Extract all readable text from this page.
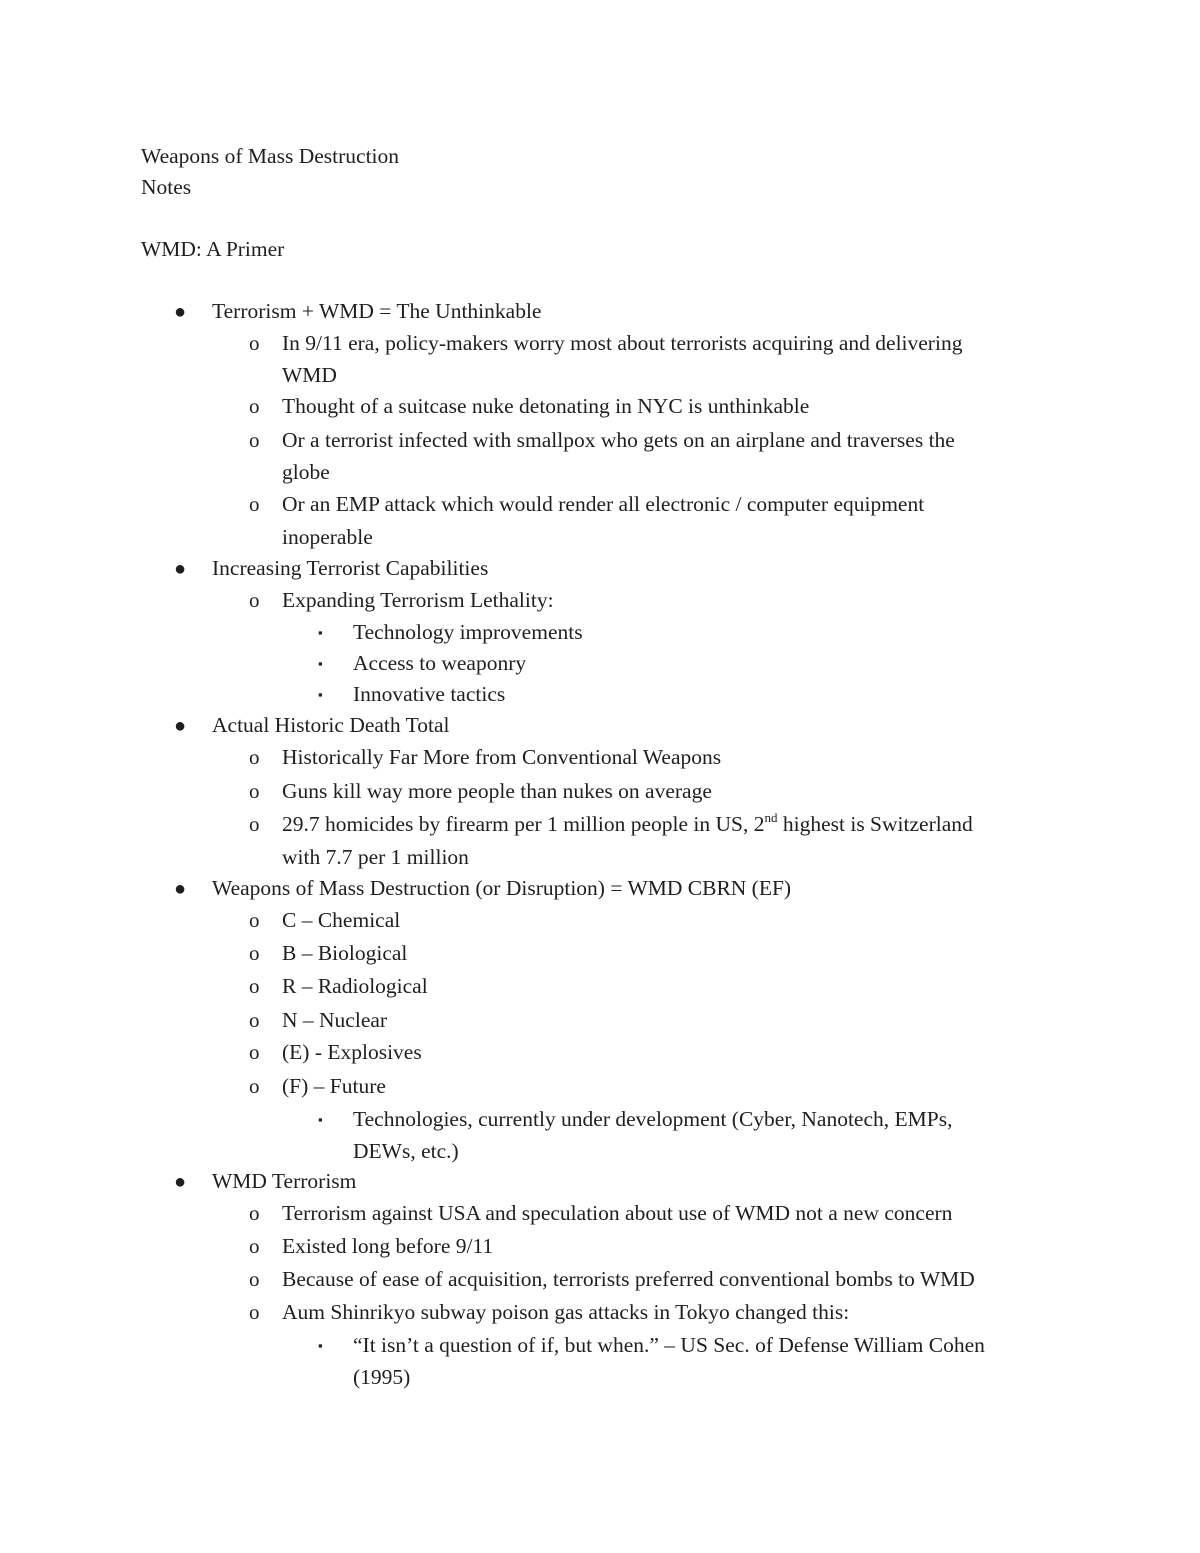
Weapons of Mass Destruction
Notes
WMD: A Primer
● Terrorism + WMD = The Unthinkable
o In 9/11 era, policy-makers worry most about terrorists acquiring and delivering
WMD
o Thought of a suitcase nuke detonating in NYC is unthinkable
o Or a terrorist infected with smallpox who gets on an airplane and traverses the
globe
o Or an EMP attack which would render all electronic / computer equipment
inoperable
● Increasing Terrorist Capabilities
o Expanding Terrorism Lethality:
▪ Technology improvements
▪ Access to weaponry
▪ Innovative tactics
● Actual Historic Death Total
o Historically Far More from Conventional Weapons
o Guns kill way more people than nukes on average
o 29.7 homicides by firearm per 1 million people in US, 2nd highest is Switzerland
with 7.7 per 1 million
● Weapons of Mass Destruction (or Disruption) = WMD CBRN (EF)
o C – Chemical
o B – Biological
o R – Radiological
o N – Nuclear
o (E) - Explosives
o (F) – Future
▪ Technologies, currently under development (Cyber, Nanotech, EMPs,
DEWs, etc.)
● WMD Terrorism
o Terrorism against USA and speculation about use of WMD not a new concern
o Existed long before 9/11
o Because of ease of acquisition, terrorists preferred conventional bombs to WMD
o Aum Shinrikyo subway poison gas attacks in Tokyo changed this:
▪ “It isn’t a question of if, but when.” – US Sec. of Defense William Cohen
(1995)
